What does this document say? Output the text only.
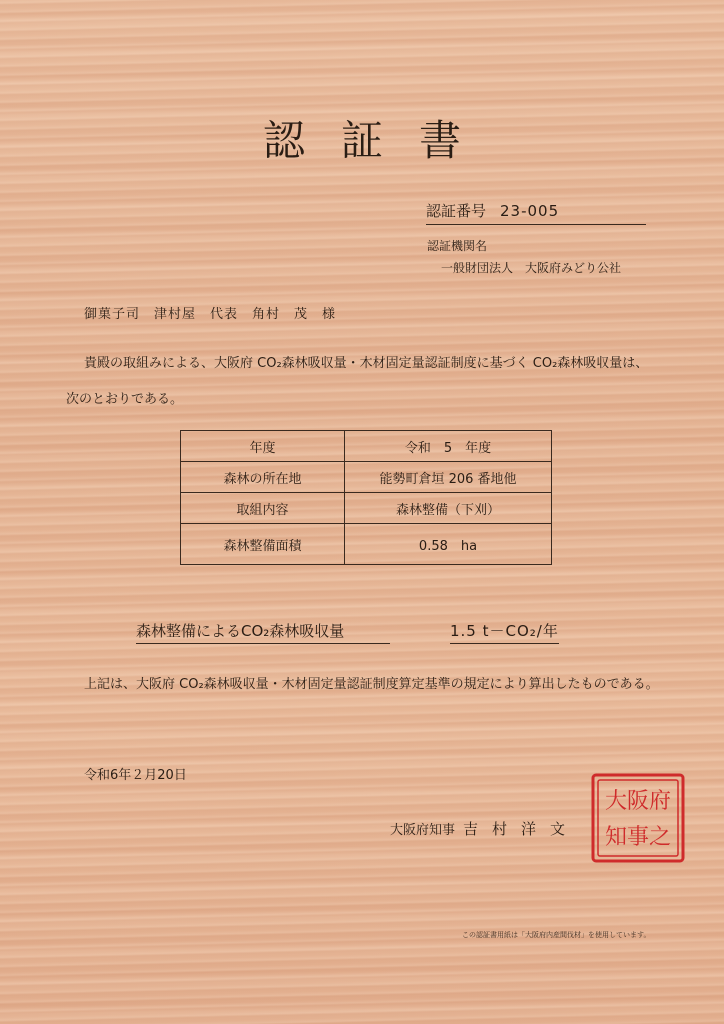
認証書
認証番号 23-005
認証機関名
一般財団法人　大阪府みどり公社
御菓子司　津村屋　代表　角村　茂　様
貴殿の取組みによる、大阪府 CO₂森林吸収量・木材固定量認証制度に基づく CO₂森林吸収量は、次のとおりである。
年度	令和　5　年度
森林の所在地	能勢町倉垣 206 番地他
取組内容	森林整備（下刈）
森林整備面積	0.58　ha
森林整備によるCO₂森林吸収量	1.5 t－CO₂/年
上記は、大阪府 CO₂森林吸収量・木材固定量認証制度算定基準の規定により算出したものである。
令和6年２月20日
大阪府知事 吉村洋文
府
之
阪
事
大
知
この認証書用紙は「大阪府内産間伐材」を使用しています。
